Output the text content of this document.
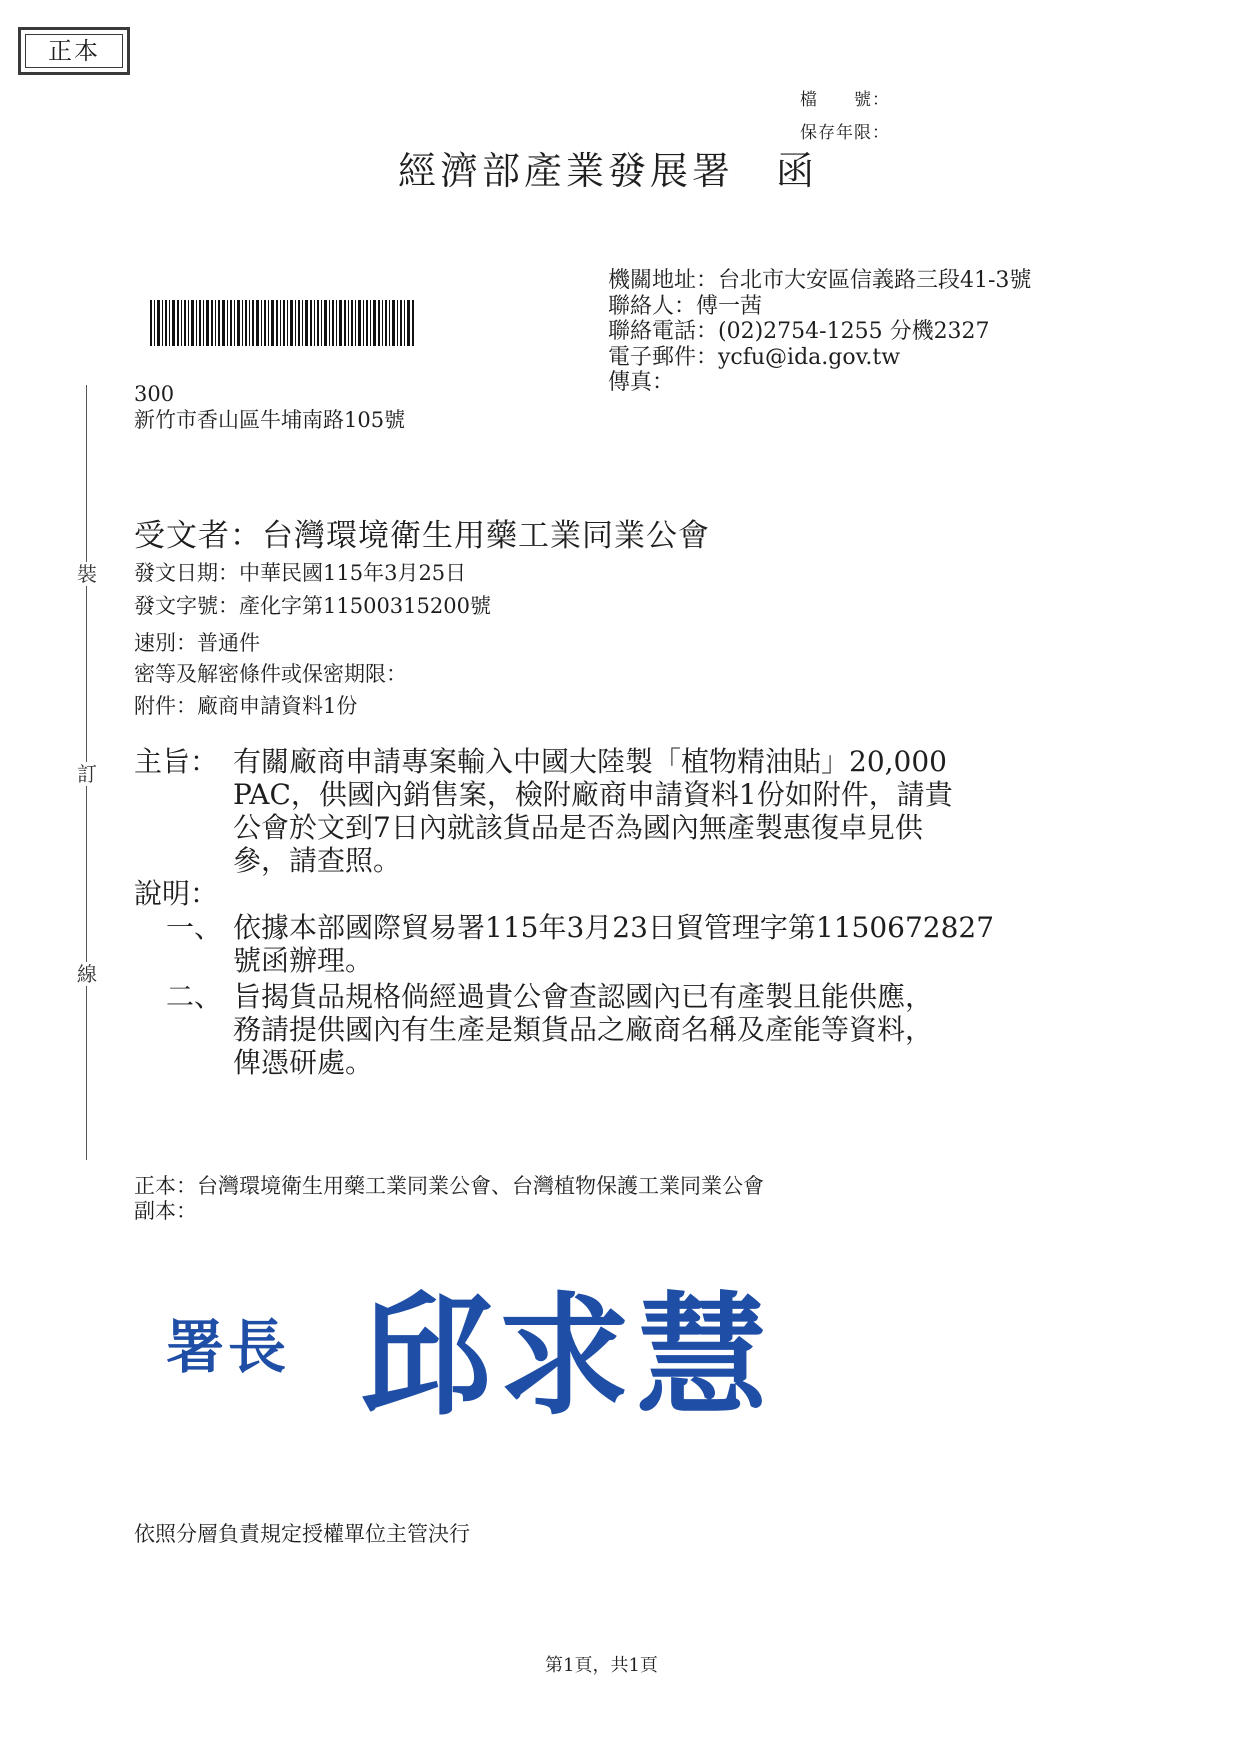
正本
檔　　號：
保存年限：
經濟部產業發展署　函
機關地址：台北市大安區信義路三段41-3號
聯絡人：傅一茜
聯絡電話：(02)2754-1255 分機2327
電子郵件：ycfu@ida.gov.tw
傳真：
300
新竹市香山區牛埔南路105號
裝
訂
線
受文者：台灣環境衛生用藥工業同業公會
發文日期：中華民國115年3月25日
發文字號：產化字第11500315200號
速別：普通件
密等及解密條件或保密期限：
附件：廠商申請資料1份
主旨： 有關廠商申請專案輸入中國大陸製「植物精油貼」20,000
PAC，供國內銷售案，檢附廠商申請資料1份如附件，請貴
公會於文到7日內就該貨品是否為國內無產製惠復卓見供
參，請查照。
說明：
一、 依據本部國際貿易署115年3月23日貿管理字第1150672827
號函辦理。
二、 旨揭貨品規格倘經過貴公會查認國內已有產製且能供應，
務請提供國內有生產是類貨品之廠商名稱及產能等資料，
俾憑研處。
正本：台灣環境衛生用藥工業同業公會、台灣植物保護工業同業公會
副本：
署長 邱求慧
依照分層負責規定授權單位主管決行
第1頁，共1頁
